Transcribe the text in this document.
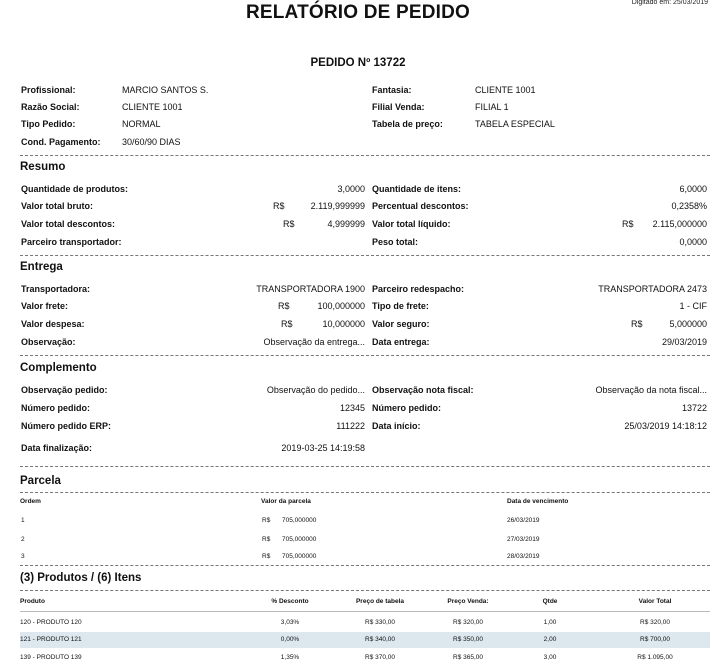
RELATÓRIO DE PEDIDO	Digitado em: 25/03/2019
PEDIDO Nº 13722
Profissional:	MARCIO SANTOS S.	Fantasia:	CLIENTE 1001
Razão Social:	CLIENTE 1001	Filial Venda:	FILIAL 1
Tipo Pedido:	NORMAL	Tabela de preço:	TABELA ESPECIAL
Cond. Pagamento: 30/60/90 DIAS
Resumo
Quantidade de produtos:	3,0000 Quantidade de itens:	6,0000
Valor total bruto:	R$	2.119,999999 Percentual descontos:	0,2358%
Valor total descontos:	R$	4,999999 Valor total líquido:	R$ 2.115,000000
Parceiro transportador:	Peso total:	0,0000
Entrega
Transportadora:	TRANSPORTADORA 1900 Parceiro redespacho:	TRANSPORTADORA 2473
Valor frete:	R$	100,000000 Tipo de frete:	1 - CIF
Valor despesa:	R$	10,000000 Valor seguro:	R$	5,000000
Observação:	Observação da entrega... Data entrega:	29/03/2019
Complemento
Observação pedido:	Observação do pedido... Observação nota fiscal:	Observação da nota fiscal...
Número pedido:	12345 Número pedido:	13722
Número pedido ERP:	111222 Data início:	25/03/2019 14:18:12
Data finalização:	2019-03-25 14:19:58
Parcela
Ordem	Valor da parcela	Data de vencimento
1	R$ 705,000000	26/03/2019
2	R$ 705,000000	27/03/2019
3	R$ 705,000000	28/03/2019
(3) Produtos / (6) Itens
Produto	% Desconto	Preço de tabela	Preço Venda:	Qtde	Valor Total
120 - PRODUTO 120	3,03%	R$ 330,00	R$ 320,00	1,00	R$ 320,00
121 - PRODUTO 121	0,00%	R$ 340,00	R$ 350,00	2,00	R$ 700,00
139 - PRODUTO 139	1,35%	R$ 370,00	R$ 365,00	3,00	R$ 1.095,00
